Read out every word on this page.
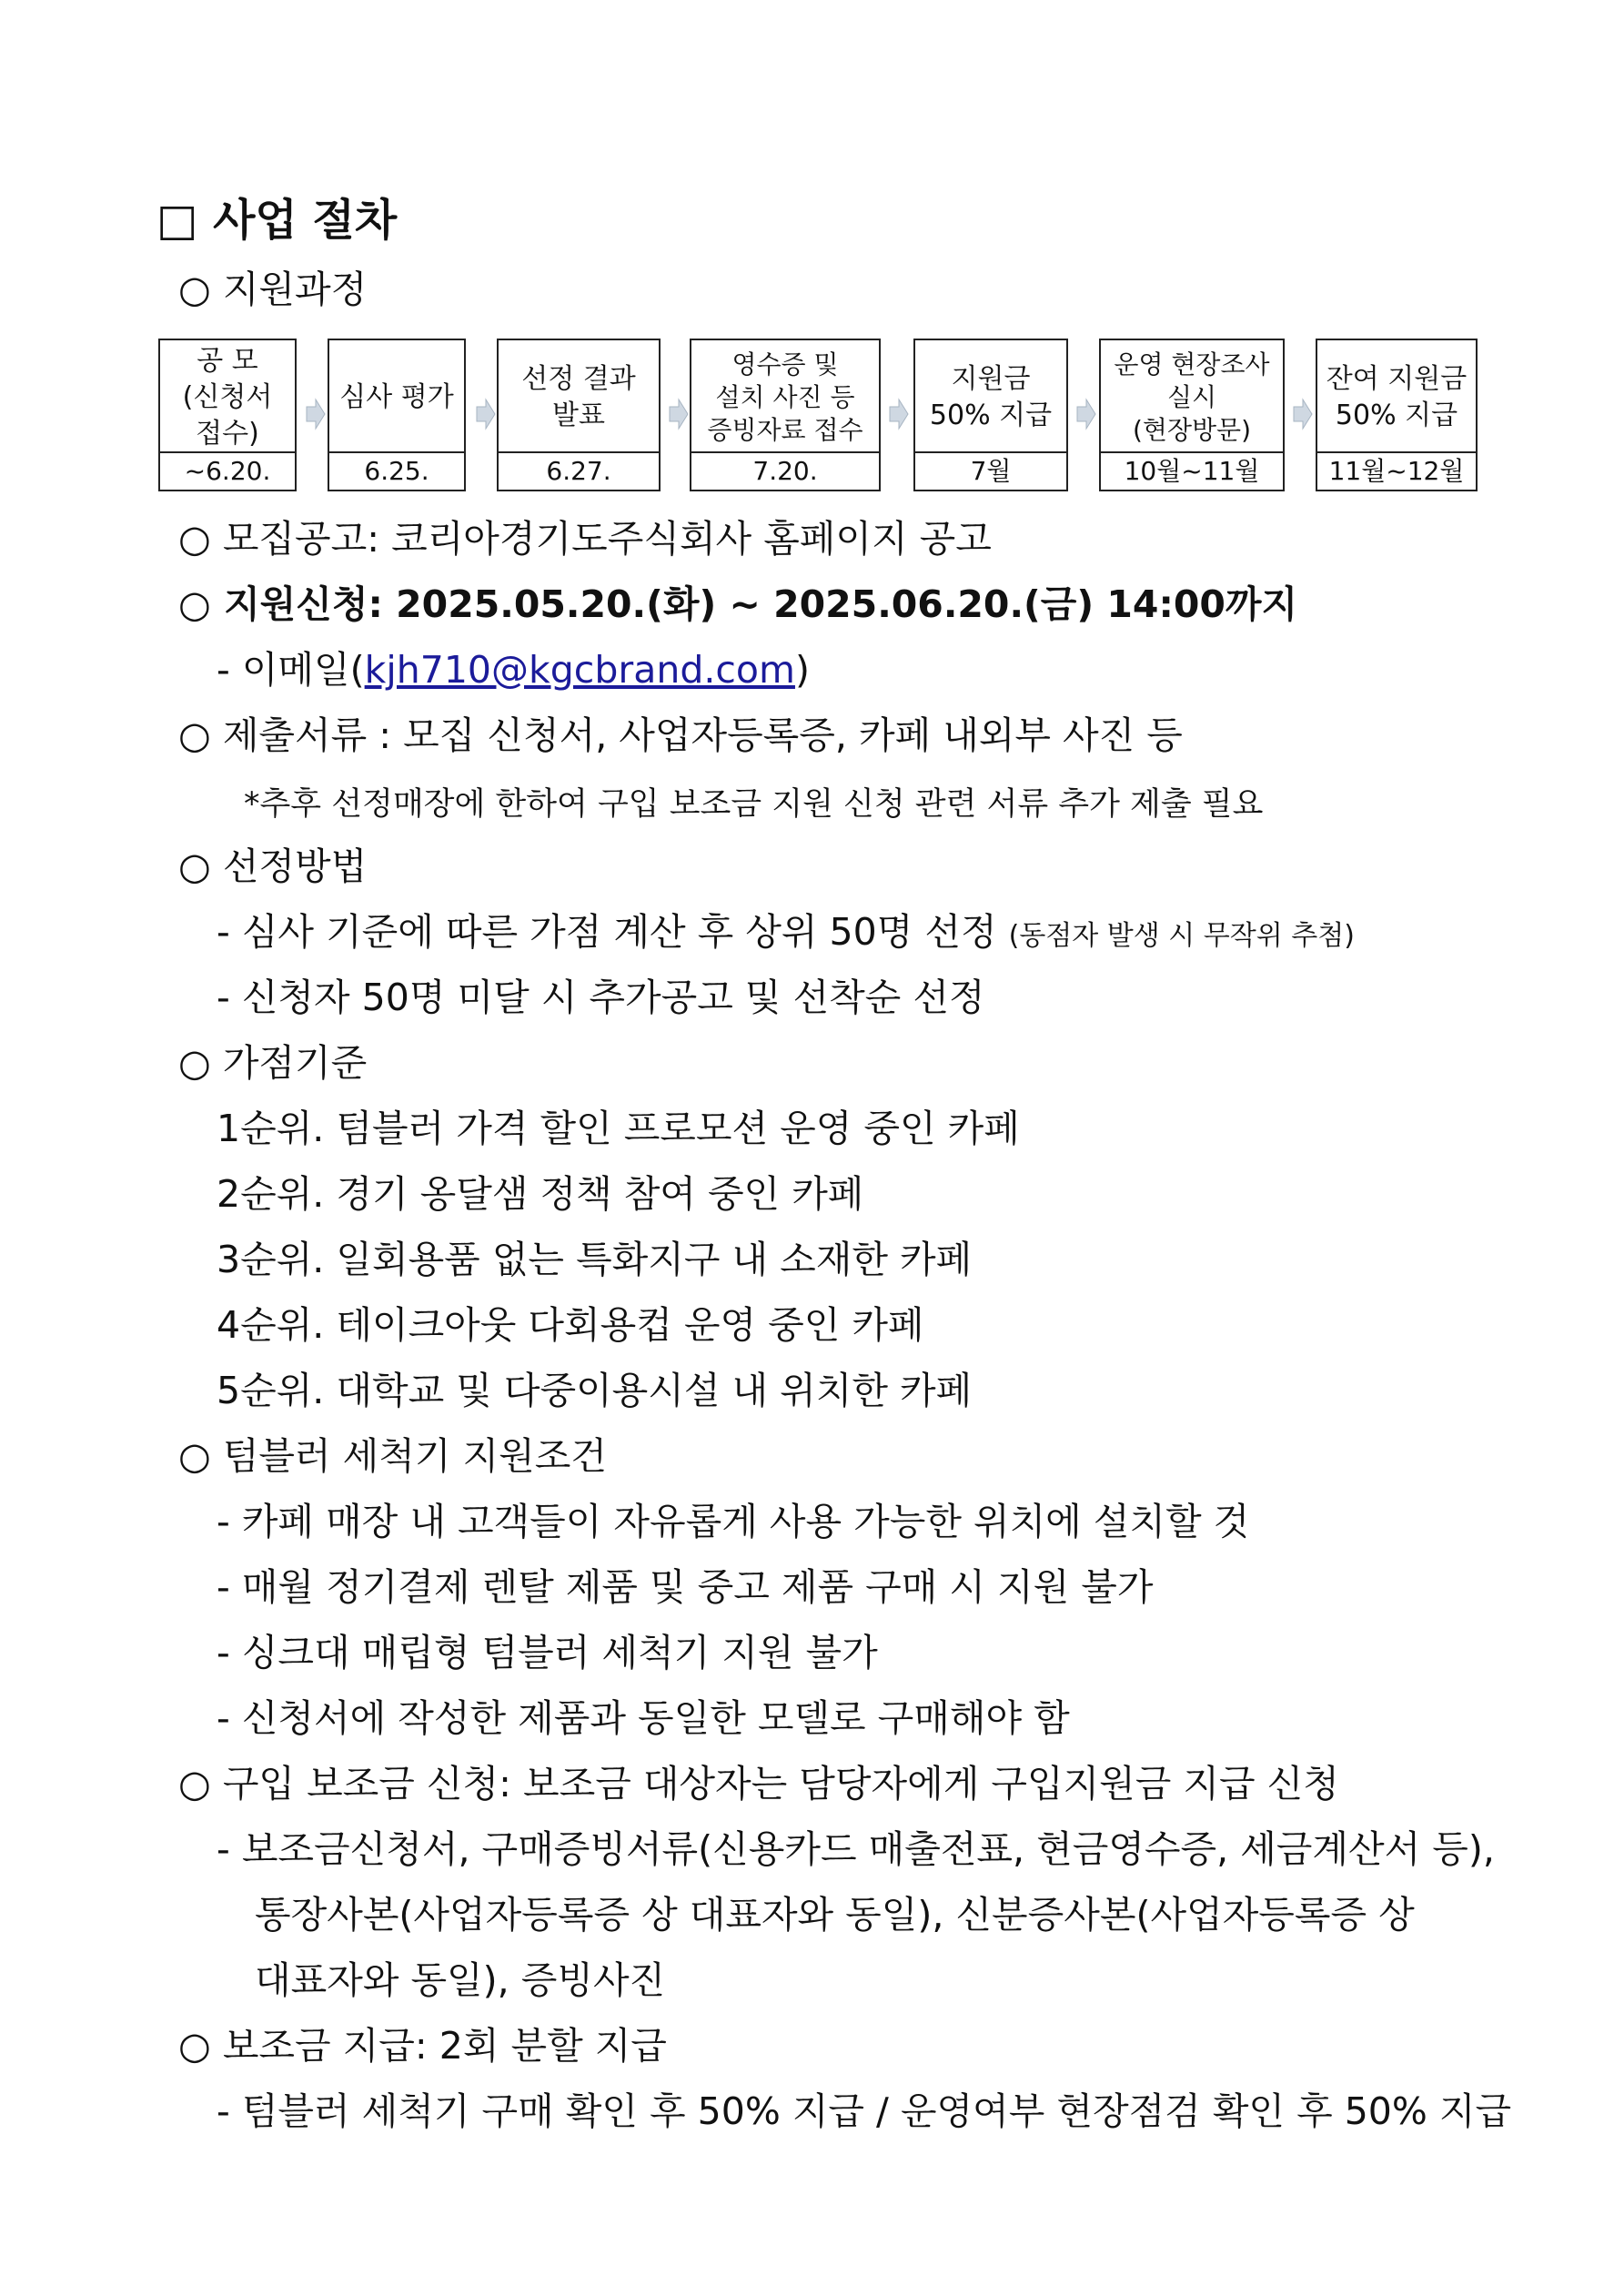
□ 사업 절차
○ 지원과정
공 모
(신청서
접수)
~6.20.
심사 평가
6.25.
선정 결과
발표
6.27.
영수증 및
설치 사진 등
증빙자료 접수
7.20.
지원금
50% 지급
7월
운영 현장조사
실시
(현장방문)
10월~11월
잔여 지원금
50% 지급
11월~12월
○ 모집공고: 코리아경기도주식회사 홈페이지 공고
○ 지원신청: 2025.05.20.(화) ~ 2025.06.20.(금) 14:00까지
- 이메일(kjh710@kgcbrand.com)
○ 제출서류 : 모집 신청서, 사업자등록증, 카페 내외부 사진 등
*추후 선정매장에 한하여 구입 보조금 지원 신청 관련 서류 추가 제출 필요
○ 선정방법
- 심사 기준에 따른 가점 계산 후 상위 50명 선정 (동점자 발생 시 무작위 추첨)
- 신청자 50명 미달 시 추가공고 및 선착순 선정
○ 가점기준
1순위. 텀블러 가격 할인 프로모션 운영 중인 카페
2순위. 경기 옹달샘 정책 참여 중인 카페
3순위. 일회용품 없는 특화지구 내 소재한 카페
4순위. 테이크아웃 다회용컵 운영 중인 카페
5순위. 대학교 및 다중이용시설 내 위치한 카페
○ 텀블러 세척기 지원조건
- 카페 매장 내 고객들이 자유롭게 사용 가능한 위치에 설치할 것
- 매월 정기결제 렌탈 제품 및 중고 제품 구매 시 지원 불가
- 싱크대 매립형 텀블러 세척기 지원 불가
- 신청서에 작성한 제품과 동일한 모델로 구매해야 함
○ 구입 보조금 신청: 보조금 대상자는 담당자에게 구입지원금 지급 신청
- 보조금신청서, 구매증빙서류(신용카드 매출전표, 현금영수증, 세금계산서 등),
통장사본(사업자등록증 상 대표자와 동일), 신분증사본(사업자등록증 상
대표자와 동일), 증빙사진
○ 보조금 지급: 2회 분할 지급
- 텀블러 세척기 구매 확인 후 50% 지급 / 운영여부 현장점검 확인 후 50% 지급
